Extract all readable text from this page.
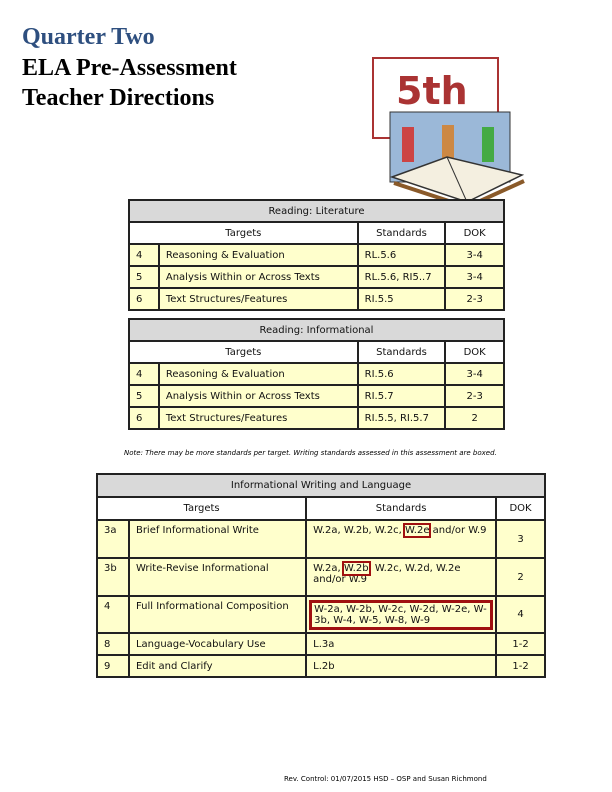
Quarter Two
ELA Pre-Assessment
Teacher Directions	5th
Reading: Literature			
Targets		Standards	DOK
4	Reasoning & Evaluation	RL.5.6	3-4
5	Analysis Within or Across Texts	RL.5.6, RI5..7	3-4
6	Text Structures/Features	RI.5.5	2-3
Reading: Informational			
Targets		Standards	DOK
4	Reasoning & Evaluation	RI.5.6	3-4
5	Analysis Within or Across Texts	RI.5.7	2-3
6	Text Structures/Features	RI.5.5, RI.5.7	2
Note: There may be more standards per target. Writing standards assessed in this assessment are boxed.
Informational Writing and Language			
Targets		Standards	DOK
3a	Brief Informational Write	W.2a, W.2b, W.2c, W.2e and/or W.9	3
3b	Write-Revise Informational	W.2a, W.2b, W.2c, W.2d, W.2e and/or W.9	2
4	Full Informational Composition	W-2a, W-2b, W-2c, W-2d, W-2e, W-3b, W-4, W-5, W-8, W-9	4
8	Language-Vocabulary Use	L.3a	1-2
9	Edit and Clarify	L.2b	1-2
Rev. Control: 01/07/2015 HSD – OSP and Susan Richmond
